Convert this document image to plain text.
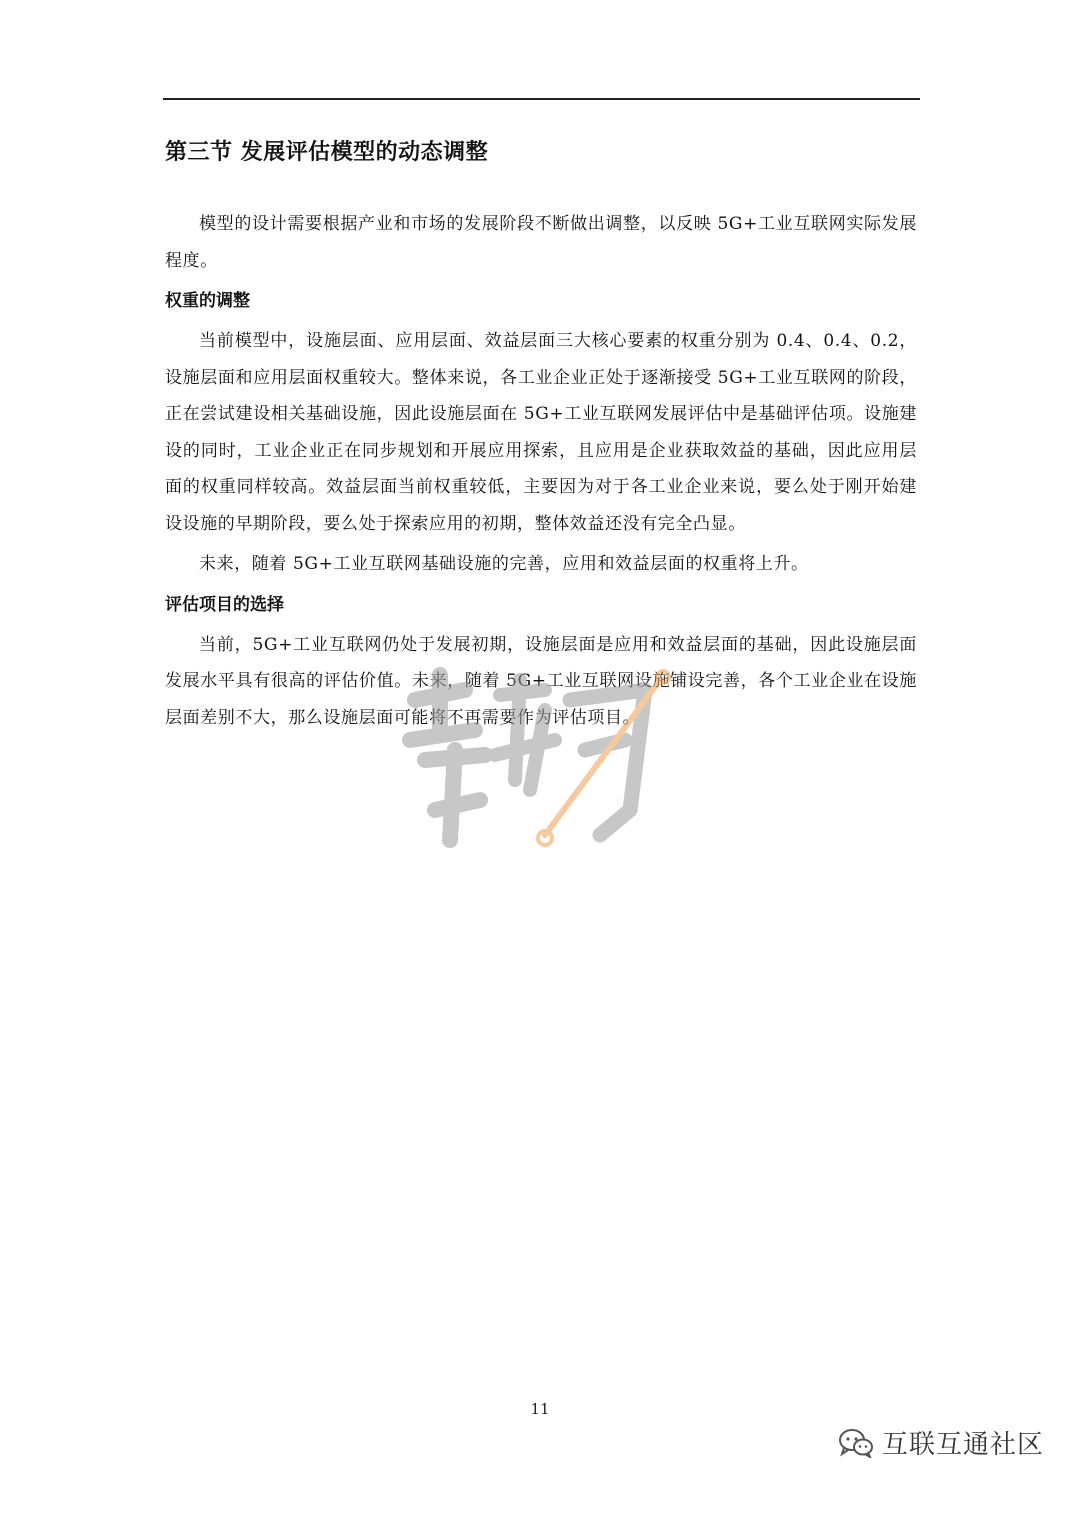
第三节 发展评估模型的动态调整

模型的设计需要根据产业和市场的发展阶段不断做出调整，以反映 5G+工业互联网实际发展程度。

权重的调整

当前模型中，设施层面、应用层面、效益层面三大核心要素的权重分别为 0.4、0.4、0.2，设施层面和应用层面权重较大。整体来说，各工业企业正处于逐渐接受 5G+工业互联网的阶段，正在尝试建设相关基础设施，因此设施层面在 5G+工业互联网发展评估中是基础评估项。设施建设的同时，工业企业正在同步规划和开展应用探索，且应用是企业获取效益的基础，因此应用层面的权重同样较高。效益层面当前权重较低，主要因为对于各工业企业来说，要么处于刚开始建设设施的早期阶段，要么处于探索应用的初期，整体效益还没有完全凸显。

未来，随着 5G+工业互联网基础设施的完善，应用和效益层面的权重将上升。

评估项目的选择

当前，5G+工业互联网仍处于发展初期，设施层面是应用和效益层面的基础，因此设施层面发展水平具有很高的评估价值。未来，随着 5G+工业互联网设施铺设完善，各个工业企业在设施层面差别不大，那么设施层面可能将不再需要作为评估项目。

11
互联互通社区
